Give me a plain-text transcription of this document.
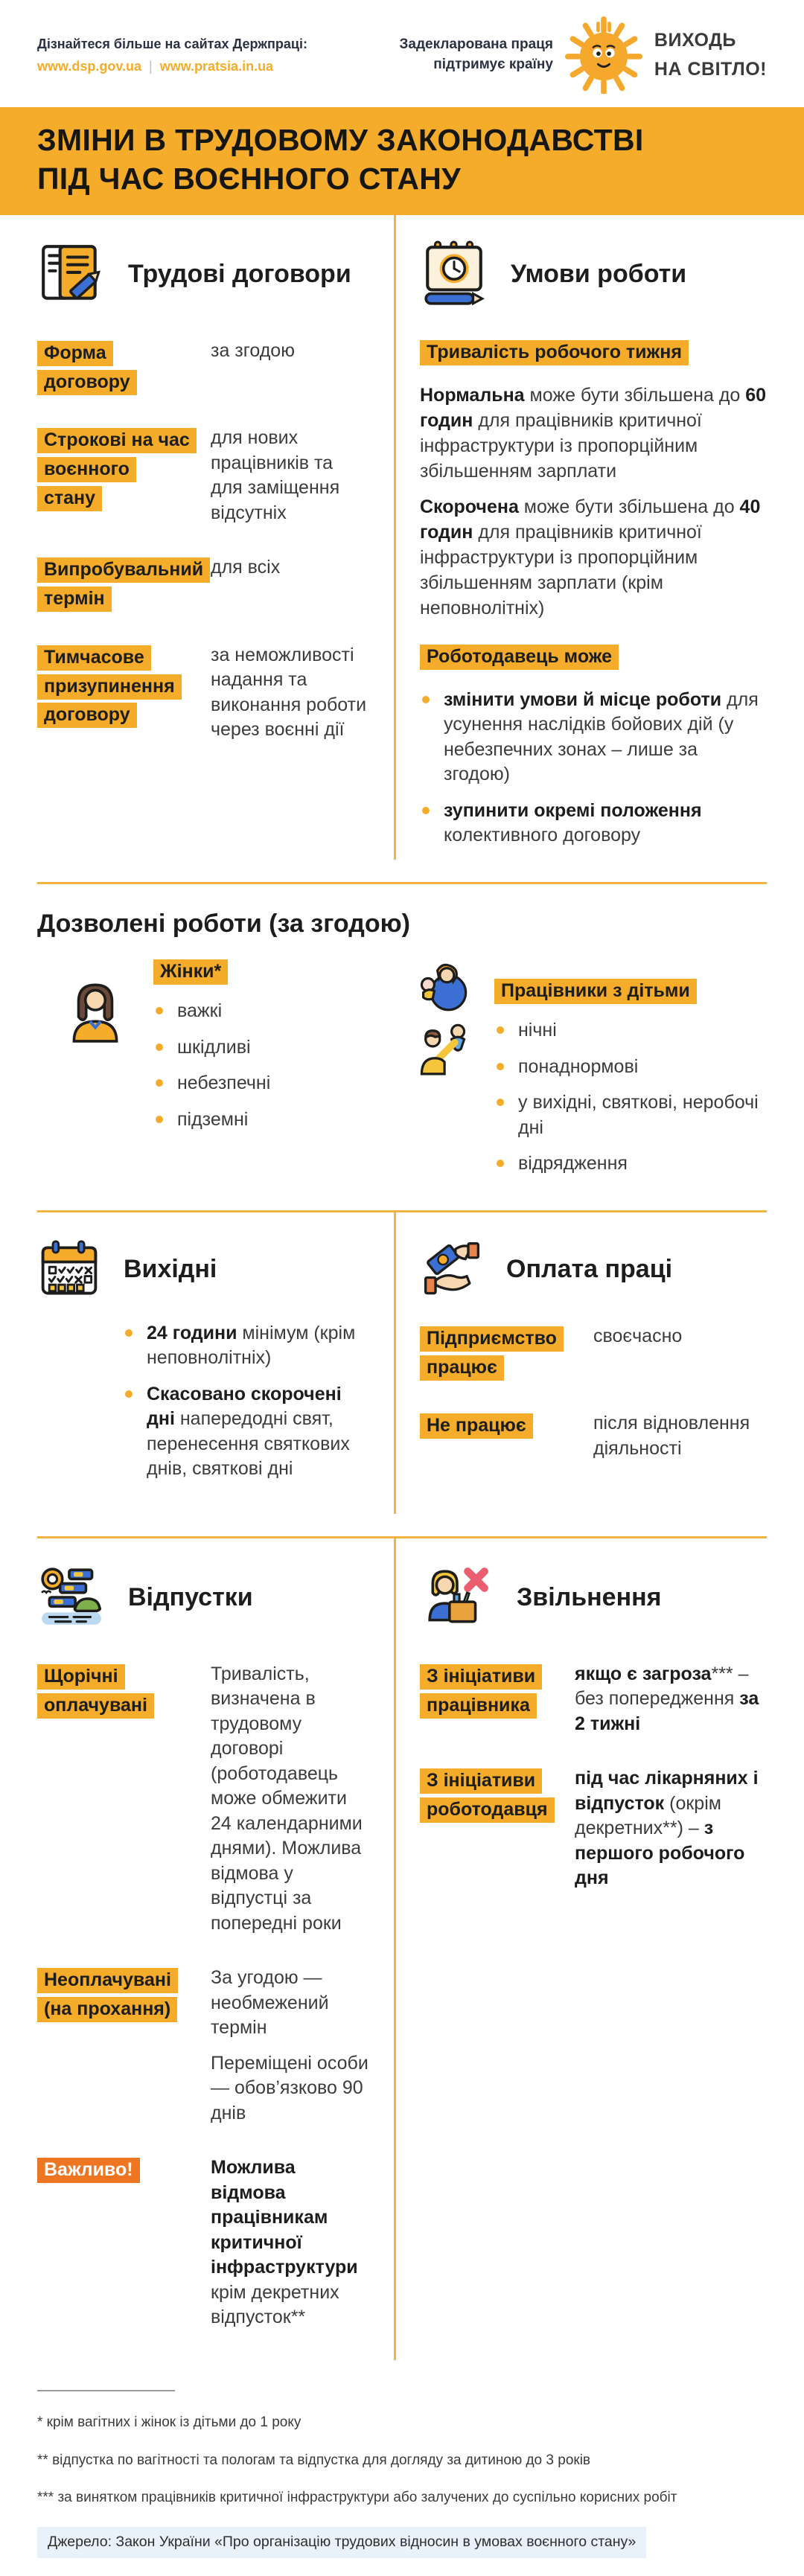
Дізнайтеся більше на сайтах Держпраці:
www.dsp.gov.ua | www.pratsia.in.ua
Задекларована праця
підтримує країну
ВИХОДЬ
НА СВІТЛО!
ЗМІНИ В ТРУДОВОМУ ЗАКОНОДАВСТВІ
ПІД ЧАС ВОЄННОГО СТАНУ
Трудові договори
Форма договору
за згодою
Строкові на час воєнного стану
для нових працівників та для заміщення відсутніх
Випробувальний термін
для всіх
Тимчасове призупинення договору
за неможливості надання та виконання роботи через воєнні дії
Умови роботи
Тривалість робочого тижня

Нормальна може бути збільшена до 60 годин для працівників критичної інфраструктури із пропорційним збільшенням зарплати

Скорочена може бути збільшена до 40 годин для працівників критичної інфраструктури із пропорційним збільшенням зарплати (крім неповнолітніх)

Роботодавець може
змінити умови й місце роботи для усунення наслідків бойових дій (у небезпечних зонах – лише за згодою)
зупинити окремі положення колективного договору
Дозволені роботи (за згодою)
Жінки*
важкі
шкідливі
небезпечні
підземні
Працівники з дітьми
нічні
понаднормові
у вихідні, святкові, неробочі дні
відрядження
Вихідні
24 години мінімум (крім неповнолітніх)
Скасовано скорочені дні напередодні свят, перенесення святкових днів, святкові дні
Оплата праці
Підприємство працює
своєчасно
Не працює	після відновлення діяльності
Відпустки
Щорічні оплачувані
Тривалість, визначена в трудовому договорі (роботодавець може обмежити 24 календарними днями). Можлива відмова у відпустці за попередні роки
Неоплачувані (на прохання)

За угодою — необмежений термін

Переміщені особи — обов’язково 90 днів

Важливо!	Можлива відмова працівникам критичної інфраструктури

крім декретних відпусток**

Звільнення
З ініціативи працівника
якщо є загроза*** – без попередження за 2 тижні
З ініціативи роботодавця
під час лікарняних і відпусток (окрім декретних**) – з першого робочого дня

* крім вагітних і жінок із дітьми до 1 року

** відпустка по вагітності та пологам та відпустка для догляду за дитиною до 3 років

*** за винятком працівників критичної інфраструктури або залучених до суспільно корисних робіт

Джерело: Закон України «Про організацію трудових відносин в умовах воєнного стану»
